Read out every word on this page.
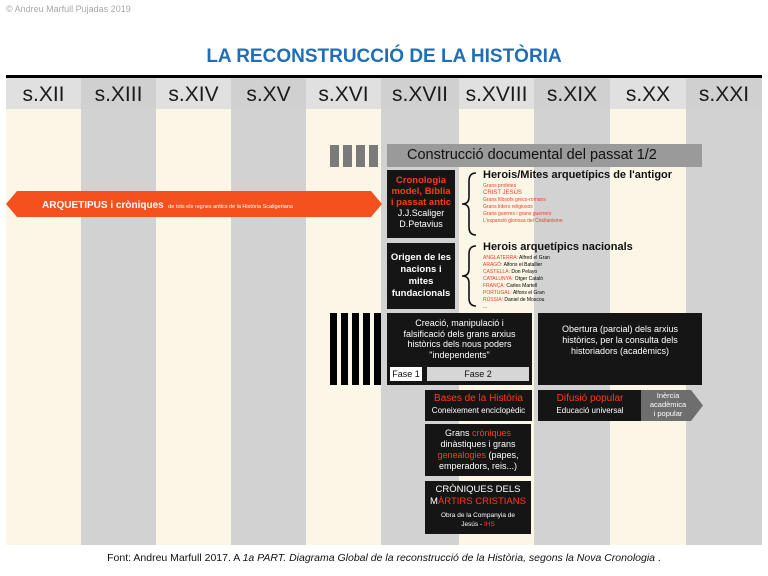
© Andreu Marfull Pujadas 2019
LA RECONSTRUCCIÓ DE LA HISTÒRIA
s.XII	s.XIII	s.XIV	s.XV	s.XVI	s.XVII s.XVIII s.XIX	s.XX	s.XXI
Construcció documental del passat 1/2
ARQUETIPUS i cròniques de tots els regnes antics de la Història Scaligeriana
Cronologia
model, Bíblia
i passat antic
J.J.Scaliger
D.Petavius
Herois/Mites arquetípics de l'antigor
Grans profetes
CRIST JESÚS
Grans filòsofs greco-romans
Grans líders religiosos
Grans guerres i grans guerrers
L'expansió gloriosa del Cristianisme
Origen de les
nacions i
mites
fundacionals
Herois arquetípics nacionals
ANGLATERRA: Alfred el Gran
ARAGÓ: Alfons el Batallier
CASTELLA: Don Pelayo
CATALUNYA: Otger Cataló
FRANÇA: Carles Martell
PORTUGAL: Alfons el Gran
RÚSSIA: Daniel de Moscou
...
Creació, manipulació i
falsificació dels grans arxius
històrics dels nous poders
"independents"
Fase 1	Fase 2
Obertura (parcial) dels arxius
històrics, per la consulta dels
historiadors (acadèmics)
Bases de la Història
Coneixement enciclopèdic
Difusió popular
Educació universal
Inèrcia
acadèmica
i popular
Grans cròniques
dinàstiques i grans
genealogies (papes,
emperadors, reis...)
CRÒNIQUES DELS
MÀRTIRS CRISTIANS
Obra de la Companyia de
Jesús - IHS
Font: Andreu Marfull 2017. A 1a PART. Diagrama Global de la reconstrucció de la Història, segons la Nova Cronologia .
